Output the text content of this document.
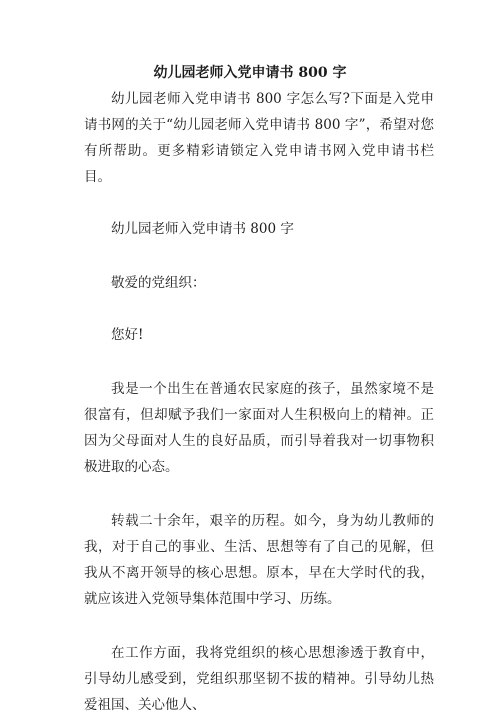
幼儿园老师入党申请书 800 字

幼儿园老师入党申请书 800 字怎么写?下面是入党申请书网的关于“幼儿园老师入党申请书 800 字”，希望对您有所帮助。更多精彩请锁定入党申请书网入党申请书栏目。

幼儿园老师入党申请书 800 字

敬爱的党组织：

您好!

我是一个出生在普通农民家庭的孩子，虽然家境不是很富有，但却赋予我们一家面对人生积极向上的精神。正因为父母面对人生的良好品质，而引导着我对一切事物积极进取的心态。

转载二十余年，艰辛的历程。如今，身为幼儿教师的我，对于自己的事业、生活、思想等有了自己的见解，但我从不离开领导的核心思想。原本，早在大学时代的我，就应该进入党领导集体范围中学习、历练。

在工作方面，我将党组织的核心思想渗透于教育中，引导幼儿感受到，党组织那坚韧不拔的精神。引导幼儿热爱祖国、关心他人、
